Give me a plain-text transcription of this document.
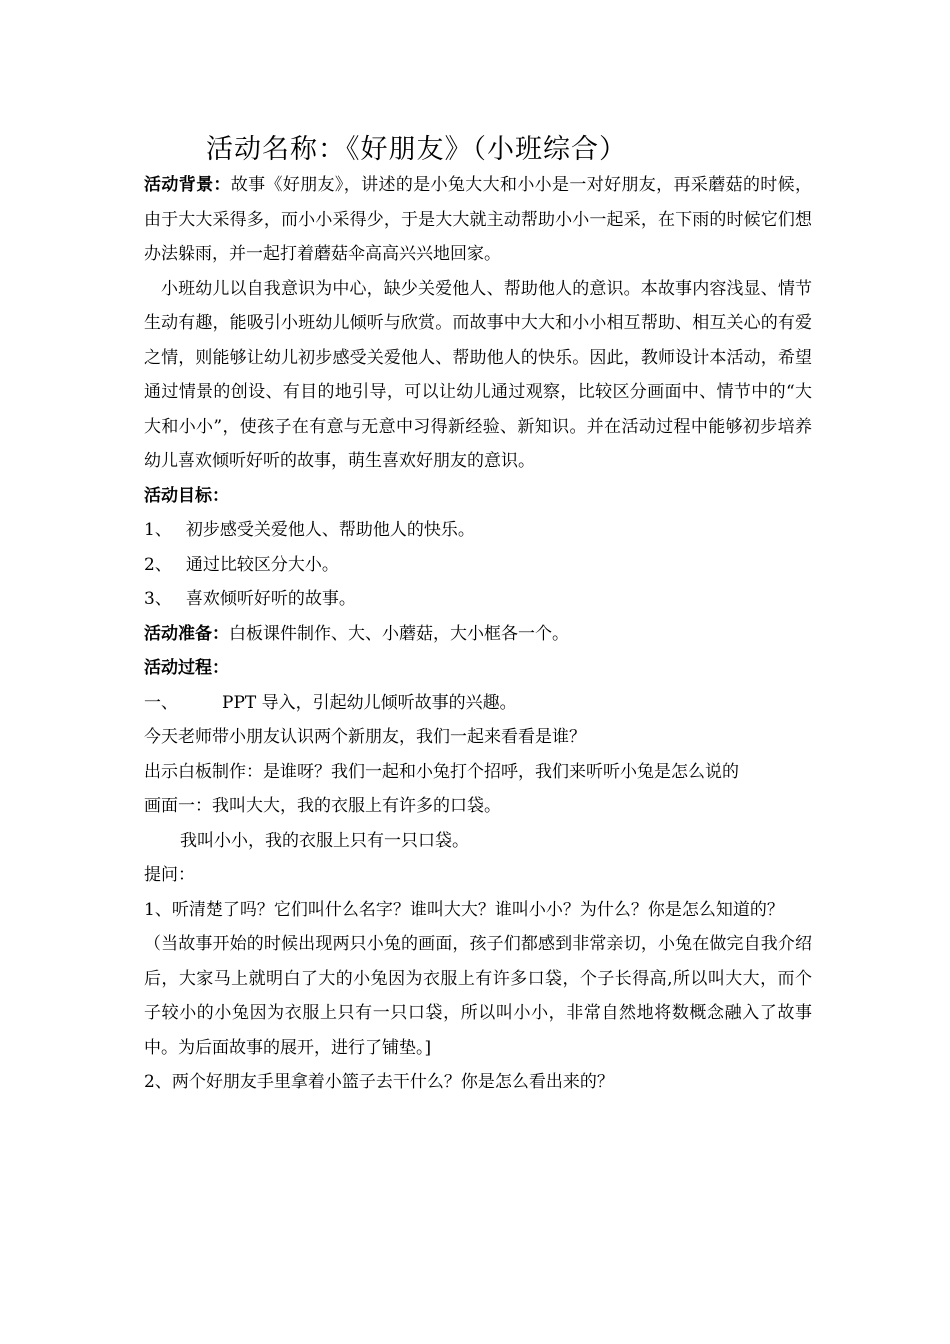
活动名称：《好朋友》（小班综合）

活动背景：故事《好朋友》，讲述的是小兔大大和小小是一对好朋友，再采蘑菇的时候，由于大大采得多，而小小采得少，于是大大就主动帮助小小一起采，在下雨的时候它们想办法躲雨，并一起打着蘑菇伞高高兴兴地回家。

小班幼儿以自我意识为中心，缺少关爱他人、帮助他人的意识。本故事内容浅显、情节生动有趣，能吸引小班幼儿倾听与欣赏。而故事中大大和小小相互帮助、相互关心的有爱之情，则能够让幼儿初步感受关爱他人、帮助他人的快乐。因此，教师设计本活动，希望通过情景的创设、有目的地引导，可以让幼儿通过观察，比较区分画面中、情节中的“大大和小小”，使孩子在有意与无意中习得新经验、新知识。并在活动过程中能够初步培养幼儿喜欢倾听好听的故事，萌生喜欢好朋友的意识。

活动目标：

1、 初步感受关爱他人、帮助他人的快乐。

2、 通过比较区分大小。

3、 喜欢倾听好听的故事。

活动准备：白板课件制作、大、小蘑菇，大小框各一个。

活动过程：

一、	PPT 导入，引起幼儿倾听故事的兴趣。

今天老师带小朋友认识两个新朋友，我们一起来看看是谁？

出示白板制作：是谁呀？我们一起和小兔打个招呼，我们来听听小兔是怎么说的

画面一：我叫大大，我的衣服上有许多的口袋。

我叫小小，我的衣服上只有一只口袋。

提问：

1、听清楚了吗？它们叫什么名字？谁叫大大？谁叫小小？为什么？你是怎么知道的？

（当故事开始的时候出现两只小兔的画面，孩子们都感到非常亲切，小兔在做完自我介绍后，大家马上就明白了大的小兔因为衣服上有许多口袋，个子长得高,所以叫大大，而个子较小的小兔因为衣服上只有一只口袋，所以叫小小，非常自然地将数概念融入了故事中。为后面故事的展开，进行了铺垫。]

2、两个好朋友手里拿着小篮子去干什么？你是怎么看出来的？
